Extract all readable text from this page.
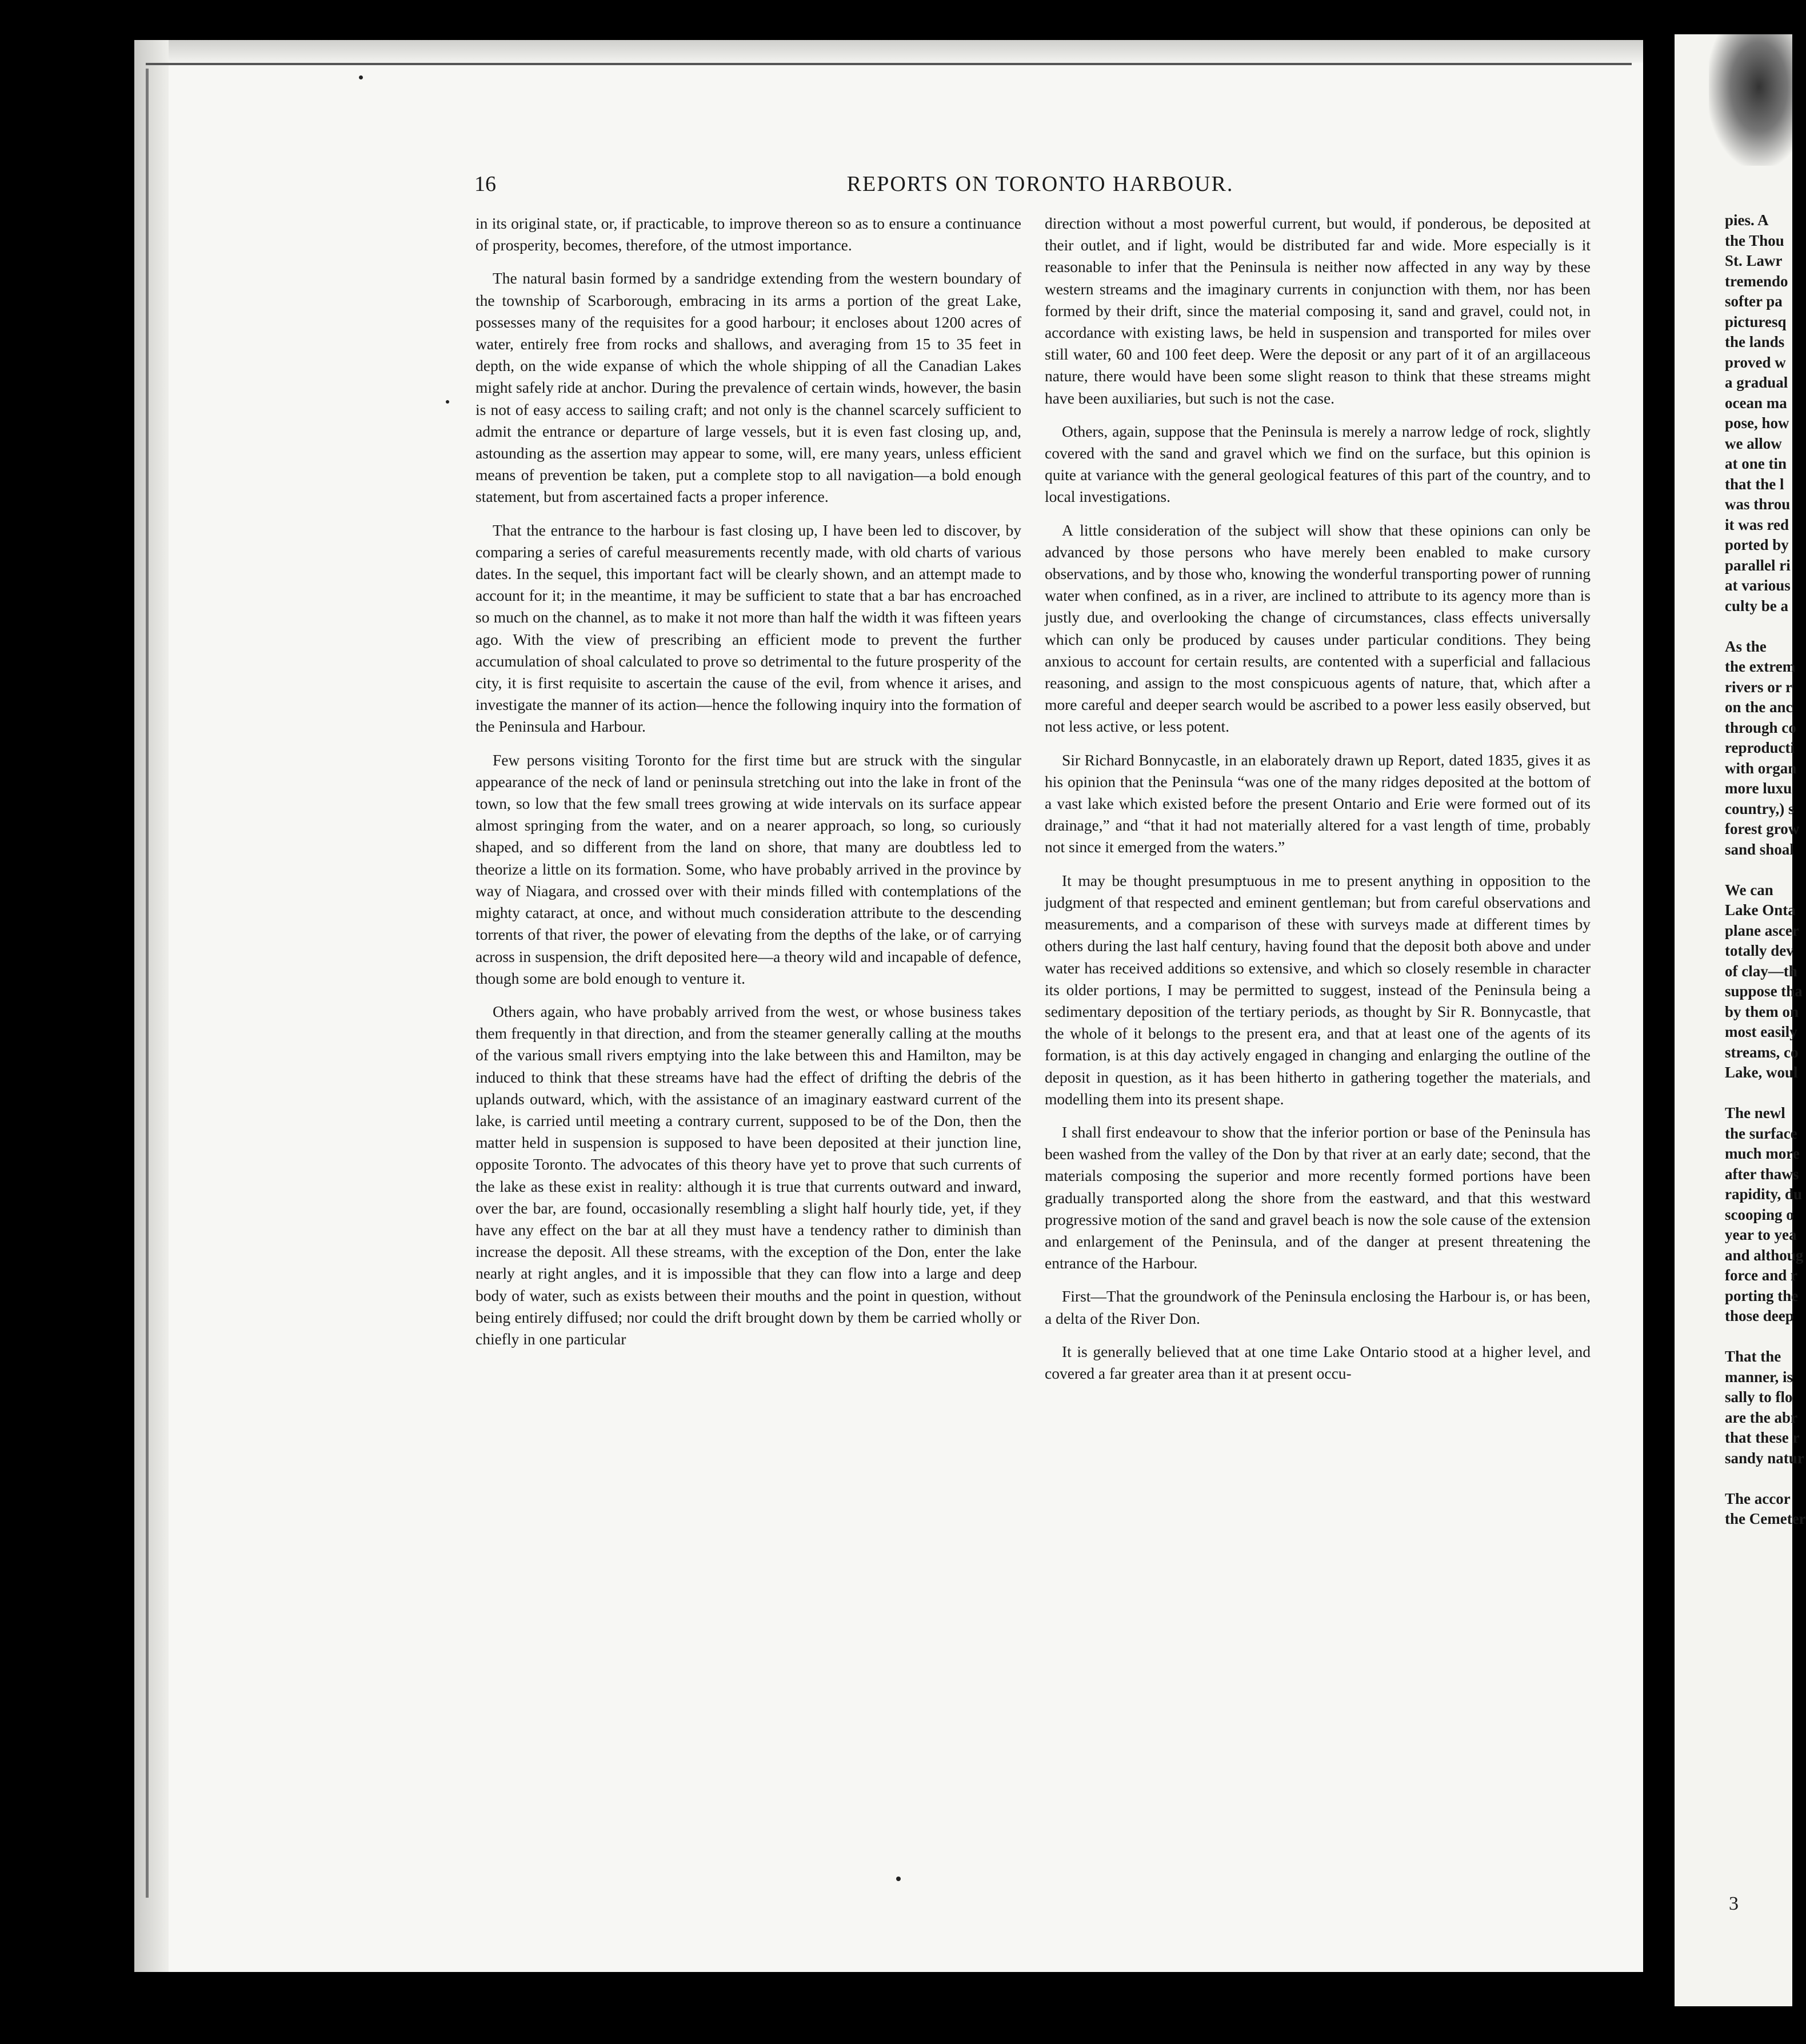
16	REPORTS ON TORONTO HARBOUR.

in its original state, or, if practicable, to improve thereon so as to ensure a continuance of prosperity, becomes, therefore, of the utmost importance.

The natural basin formed by a sandridge extending from the western boundary of the township of Scarborough, embracing in its arms a portion of the great Lake, possesses many of the requisites for a good harbour; it encloses about 1200 acres of water, entirely free from rocks and shallows, and averaging from 15 to 35 feet in depth, on the wide expanse of which the whole shipping of all the Canadian Lakes might safely ride at anchor. During the prevalence of certain winds, however, the basin is not of easy access to sailing craft; and not only is the channel scarcely sufficient to admit the entrance or departure of large vessels, but it is even fast closing up, and, astounding as the assertion may appear to some, will, ere many years, unless efficient means of prevention be taken, put a complete stop to all navigation—a bold enough statement, but from ascertained facts a proper inference.

That the entrance to the harbour is fast closing up, I have been led to discover, by comparing a series of careful measurements recently made, with old charts of various dates. In the sequel, this important fact will be clearly shown, and an attempt made to account for it; in the meantime, it may be sufficient to state that a bar has encroached so much on the channel, as to make it not more than half the width it was fifteen years ago. With the view of prescribing an efficient mode to prevent the further accumulation of shoal calculated to prove so detrimental to the future prosperity of the city, it is first requisite to ascertain the cause of the evil, from whence it arises, and investigate the manner of its action—hence the following inquiry into the formation of the Peninsula and Harbour.

Few persons visiting Toronto for the first time but are struck with the singular appearance of the neck of land or peninsula stretching out into the lake in front of the town, so low that the few small trees growing at wide intervals on its surface appear almost springing from the water, and on a nearer approach, so long, so curiously shaped, and so different from the land on shore, that many are doubtless led to theorize a little on its formation. Some, who have probably arrived in the province by way of Niagara, and crossed over with their minds filled with contemplations of the mighty cataract, at once, and without much consideration attribute to the descending torrents of that river, the power of elevating from the depths of the lake, or of carrying across in suspension, the drift deposited here—a theory wild and incapable of defence, though some are bold enough to venture it.

Others again, who have probably arrived from the west, or whose business takes them frequently in that direction, and from the steamer generally calling at the mouths of the various small rivers emptying into the lake between this and Hamilton, may be induced to think that these streams have had the effect of drifting the debris of the uplands outward, which, with the assistance of an imaginary eastward current of the lake, is carried until meeting a contrary current, supposed to be of the Don, then the matter held in suspension is supposed to have been deposited at their junction line, opposite Toronto. The advocates of this theory have yet to prove that such currents of the lake as these exist in reality: although it is true that currents outward and inward, over the bar, are found, occasionally resembling a slight half hourly tide, yet, if they have any effect on the bar at all they must have a tendency rather to diminish than increase the deposit. All these streams, with the exception of the Don, enter the lake nearly at right angles, and it is impossible that they can flow into a large and deep body of water, such as exists between their mouths and the point in question, without being entirely diffused; nor could the drift brought down by them be carried wholly or chiefly in one particular

direction without a most powerful current, but would, if ponderous, be deposited at their outlet, and if light, would be distributed far and wide. More especially is it reasonable to infer that the Peninsula is neither now affected in any way by these western streams and the imaginary currents in conjunction with them, nor has been formed by their drift, since the material composing it, sand and gravel, could not, in accordance with existing laws, be held in suspension and transported for miles over still water, 60 and 100 feet deep. Were the deposit or any part of it of an argillaceous nature, there would have been some slight reason to think that these streams might have been auxiliaries, but such is not the case.

Others, again, suppose that the Peninsula is merely a narrow ledge of rock, slightly covered with the sand and gravel which we find on the surface, but this opinion is quite at variance with the general geological features of this part of the country, and to local investigations.

A little consideration of the subject will show that these opinions can only be advanced by those persons who have merely been enabled to make cursory observations, and by those who, knowing the wonderful transporting power of running water when confined, as in a river, are inclined to attribute to its agency more than is justly due, and overlooking the change of circumstances, class effects universally which can only be produced by causes under particular conditions. They being anxious to account for certain results, are contented with a superficial and fallacious reasoning, and assign to the most conspicuous agents of nature, that, which after a more careful and deeper search would be ascribed to a power less easily observed, but not less active, or less potent.

Sir Richard Bonnycastle, in an elaborately drawn up Report, dated 1835, gives it as his opinion that the Peninsula “was one of the many ridges deposited at the bottom of a vast lake which existed before the present Ontario and Erie were formed out of its drainage,” and “that it had not materially altered for a vast length of time, probably not since it emerged from the waters.”

It may be thought presumptuous in me to present anything in opposition to the judgment of that respected and eminent gentleman; but from careful observations and measurements, and a comparison of these with surveys made at different times by others during the last half century, having found that the deposit both above and under water has received additions so extensive, and which so closely resemble in character its older portions, I may be permitted to suggest, instead of the Peninsula being a sedimentary deposition of the tertiary periods, as thought by Sir R. Bonnycastle, that the whole of it belongs to the present era, and that at least one of the agents of its formation, is at this day actively engaged in changing and enlarging the outline of the deposit in question, as it has been hitherto in gathering together the materials, and modelling them into its present shape.

I shall first endeavour to show that the inferior portion or base of the Peninsula has been washed from the valley of the Don by that river at an early date; second, that the materials composing the superior and more recently formed portions have been gradually transported along the shore from the eastward, and that this westward progressive motion of the sand and gravel beach is now the sole cause of the extension and enlargement of the Peninsula, and of the danger at present threatening the entrance of the Harbour.

First—That the groundwork of the Peninsula enclosing the Harbour is, or has been, a delta of the River Don.

It is generally believed that at one time Lake Ontario stood at a higher level, and covered a far greater area than it at present occu-

pies. A
the Thou
St. Lawr
tremendo
softer pa
picturesq
the lands
proved w
a gradual
ocean ma
pose, how
we allow
at one tin
that the l
was throu
it was red
ported by
parallel ri
at various
culty be a

As the
the extrem
rivers or r
on the anc
through co
reproducti
with organ
more luxu
country,) s
forest grow
sand shoal

We can
Lake Onta
plane ascer
totally dev
of clay—th
suppose tha
by them on
most easily
streams, co
Lake, woul

The newl
the surface
much more
after thaws
rapidity, du
scooping o
year to yea
and althoug
force and r
porting the
those deep

That the
manner, is
sally to flo
are the abr
that these r
sandy natur

The accor
the Cemeter
3
